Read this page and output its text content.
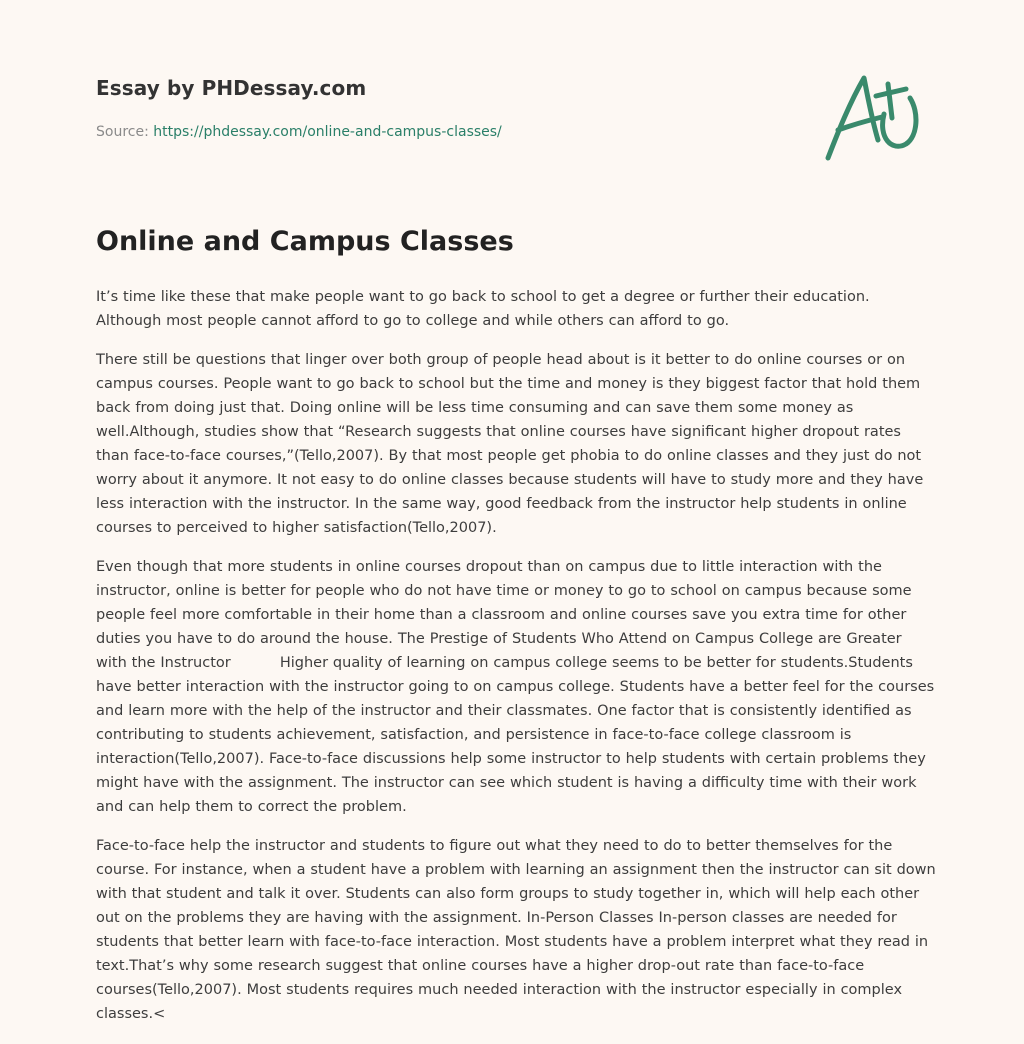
Essay by PHDessay.com

Source: https://phdessay.com/online-and-campus-classes/

Online and Campus Classes

It’s time like these that make people want to go back to school to get a degree or further their education. Although most people cannot afford to go to college and while others can afford to go.

There still be questions that linger over both group of people head about is it better to do online courses or on campus courses. People want to go back to school but the time and money is they biggest factor that hold them back from doing just that. Doing online will be less time consuming and can save them some money as well.Although, studies show that “Research suggests that online courses have significant higher dropout rates than face-to-face courses,”(Tello,2007). By that most people get phobia to do online classes and they just do not worry about it anymore. It not easy to do online classes because students will have to study more and they have less interaction with the instructor. In the same way, good feedback from the instructor help students in online courses to perceived to higher satisfaction(Tello,2007).

Even though that more students in online courses dropout than on campus due to little interaction with the instructor, online is better for people who do not have time or money to go to school on campus because some people feel more comfortable in their home than a classroom and online courses save you extra time for other duties you have to do around the house. The Prestige of Students Who Attend on Campus College are Greater with the Instructor          Higher quality of learning on campus college seems to be better for students.Students have better interaction with the instructor going to on campus college. Students have a better feel for the courses and learn more with the help of the instructor and their classmates. One factor that is consistently identified as contributing to students achievement, satisfaction, and persistence in face-to-face college classroom is interaction(Tello,2007). Face-to-face discussions help some instructor to help students with certain problems they might have with the assignment. The instructor can see which student is having a difficulty time with their work and can help them to correct the problem.

Face-to-face help the instructor and students to figure out what they need to do to better themselves for the course. For instance, when a student have a problem with learning an assignment then the instructor can sit down with that student and talk it over. Students can also form groups to study together in, which will help each other out on the problems they are having with the assignment. In-Person Classes In-person classes are needed for students that better learn with face-to-face interaction. Most students have a problem interpret what they read in text.That’s why some research suggest that online courses have a higher drop-out rate than face-to-face courses(Tello,2007). Most students requires much needed interaction with the instructor especially in complex classes.<
